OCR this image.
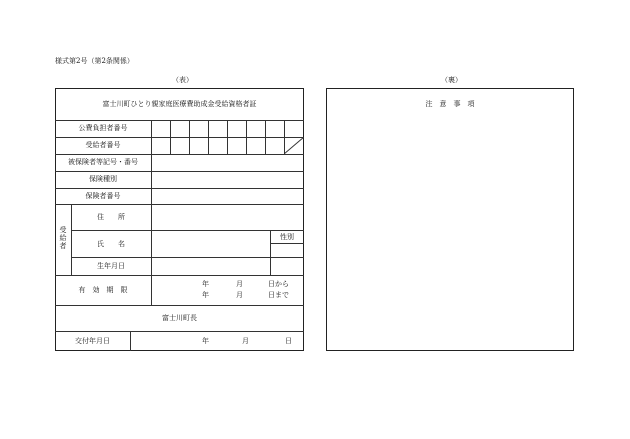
様式第2号（第2条関係）
（表）	（裏）
富士川町ひとり親家庭医療費助成金受給資格者証
公費負担者番号
受給者番号
被保険者等記号・番号
保険種別
保険者番号
受給者
住　　所
氏　　名
性別
生年月日
有　効　期　限
年	月	日から
年	月	日まで
富士川町長
交付年月日	年	月	日
注　意　事　項
